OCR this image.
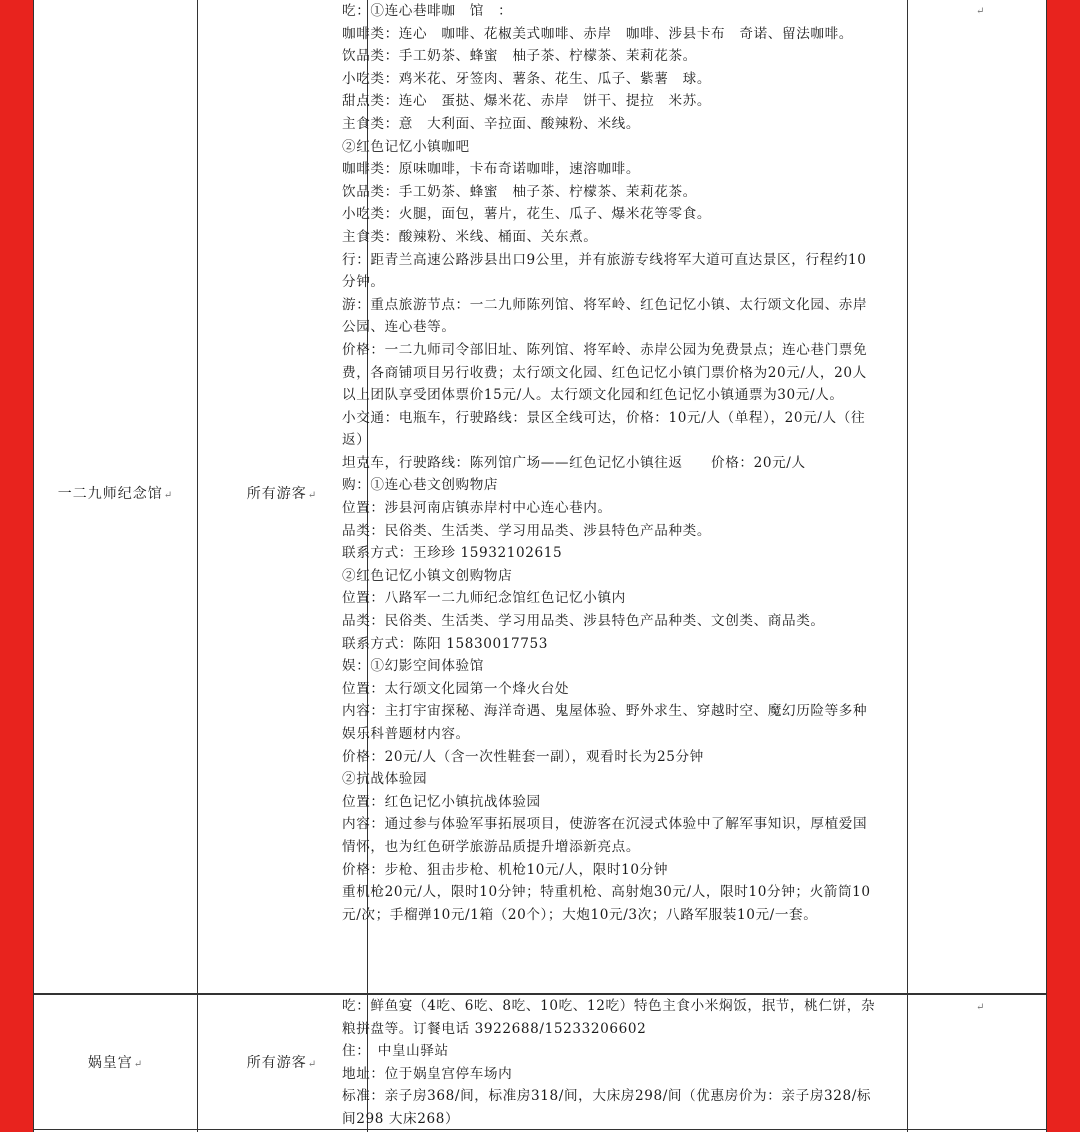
一二九师纪念馆↵	所有游客↵
↵
娲皇宫↵	所有游客↵
↵
吃：①连心巷啡咖　馆　：
咖啡类：连心　咖啡、花椒美式咖啡、赤岸　咖啡、涉县卡布　奇诺、留法咖啡。
饮品类：手工奶茶、蜂蜜　柚子茶、柠檬茶、茉莉花茶。
小吃类：鸡米花、牙签肉、薯条、花生、瓜子、紫薯　球。
甜点类：连心　蛋挞、爆米花、赤岸　饼干、提拉　米苏。
主食类：意　大利面、辛拉面、酸辣粉、米线。
②红色记忆小镇咖吧
咖啡类：原味咖啡，卡布奇诺咖啡，速溶咖啡。
饮品类：手工奶茶、蜂蜜　柚子茶、柠檬茶、茉莉花茶。
小吃类：火腿，面包，薯片，花生、瓜子、爆米花等零食。
主食类：酸辣粉、米线、桶面、关东煮。
行：距青兰高速公路涉县出口9公里，并有旅游专线将军大道可直达景区，行程约10分钟。
游：重点旅游节点：一二九师陈列馆、将军岭、红色记忆小镇、太行颂文化园、赤岸公园、连心巷等。
价格：一二九师司令部旧址、陈列馆、将军岭、赤岸公园为免费景点；连心巷门票免费，各商铺项目另行收费；太行颂文化园、红色记忆小镇门票价格为20元/人，20人以上团队享受团体票价15元/人。太行颂文化园和红色记忆小镇通票为30元/人。
小交通：电瓶车，行驶路线：景区全线可达，价格：10元/人（单程），20元/人（往返）
坦克车，行驶路线：陈列馆广场——红色记忆小镇往返　　价格：20元/人
购：①连心巷文创购物店
位置：涉县河南店镇赤岸村中心连心巷内。
品类：民俗类、生活类、学习用品类、涉县特色产品种类。
联系方式：王珍珍 15932102615
②红色记忆小镇文创购物店
位置：八路军一二九师纪念馆红色记忆小镇内
品类：民俗类、生活类、学习用品类、涉县特色产品种类、文创类、商品类。
联系方式：陈阳 15830017753
娱：①幻影空间体验馆
位置：太行颂文化园第一个烽火台处
内容：主打宇宙探秘、海洋奇遇、鬼屋体验、野外求生、穿越时空、魔幻历险等多种娱乐科普题材内容。
价格：20元/人（含一次性鞋套一副），观看时长为25分钟
②抗战体验园
位置：红色记忆小镇抗战体验园
内容：通过参与体验军事拓展项目，使游客在沉浸式体验中了解军事知识，厚植爱国情怀，也为红色研学旅游品质提升增添新亮点。
价格：步枪、狙击步枪、机枪10元/人，限时10分钟
重机枪20元/人，限时10分钟；特重机枪、高射炮30元/人，限时10分钟；火箭筒10元/次；手榴弹10元/1箱（20个）；大炮10元/3次；八路军服装10元/一套。
吃：鲜鱼宴（4吃、6吃、8吃、10吃、12吃）特色主食小米焖饭，抿节，桃仁饼，杂粮拼盘等。订餐电话 3922688/15233206602
住：　中皇山驿站
地址：位于娲皇宫停车场内
标准：亲子房368/间，标准房318/间，大床房298/间（优惠房价为：亲子房328/标间298 大床268）
